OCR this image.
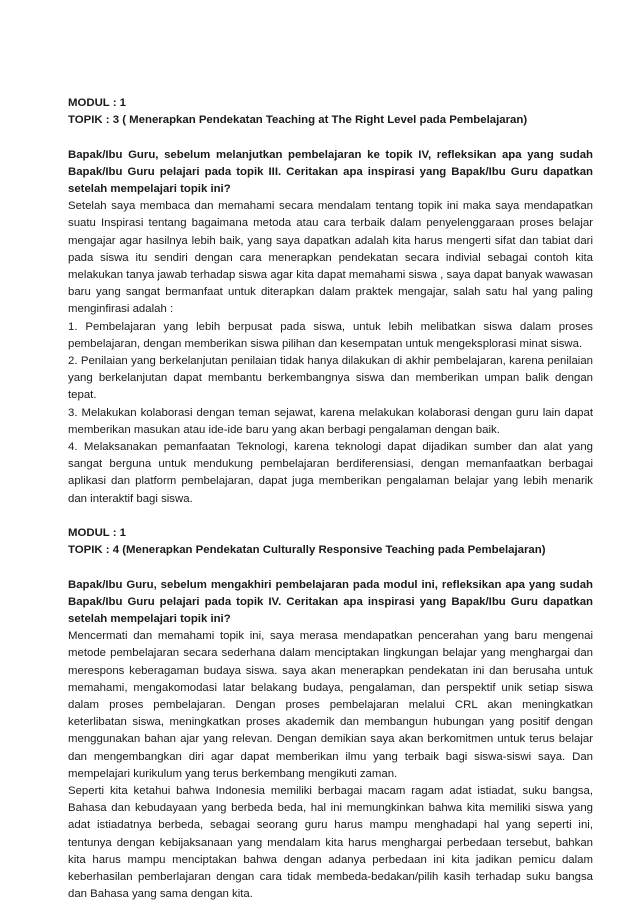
MODUL : 1

TOPIK : 3 ( Menerapkan Pendekatan Teaching at The Right Level pada Pembelajaran)

Bapak/Ibu Guru, sebelum melanjutkan pembelajaran ke topik IV, refleksikan apa yang sudah Bapak/Ibu Guru pelajari pada topik III. Ceritakan apa inspirasi yang Bapak/Ibu Guru dapatkan setelah mempelajari topik ini?

Setelah saya membaca dan memahami secara mendalam tentang topik ini maka saya mendapatkan suatu Inspirasi tentang bagaimana metoda atau cara terbaik dalam penyelenggaraan proses belajar mengajar agar hasilnya lebih baik, yang saya dapatkan adalah kita harus mengerti sifat dan tabiat dari pada siswa itu sendiri dengan cara menerapkan pendekatan secara indivial sebagai contoh kita melakukan tanya jawab terhadap siswa agar kita dapat memahami siswa , saya dapat banyak wawasan baru yang sangat bermanfaat untuk diterapkan dalam praktek mengajar, salah satu hal yang paling menginfirasi adalah :

1. Pembelajaran yang lebih berpusat pada siswa, untuk lebih melibatkan siswa dalam proses pembelajaran, dengan memberikan siswa pilihan dan kesempatan untuk mengeksplorasi minat siswa.

2. Penilaian yang berkelanjutan penilaian tidak hanya dilakukan di akhir pembelajaran, karena penilaian yang berkelanjutan dapat membantu berkembangnya siswa dan memberikan umpan balik dengan tepat.

3. Melakukan kolaborasi dengan teman sejawat, karena melakukan kolaborasi dengan guru lain dapat memberikan masukan atau ide-ide baru yang akan berbagi pengalaman dengan baik.

4. Melaksanakan pemanfaatan Teknologi, karena teknologi dapat dijadikan sumber dan alat yang sangat berguna untuk mendukung pembelajaran berdiferensiasi, dengan memanfaatkan berbagai aplikasi dan platform pembelajaran, dapat juga memberikan pengalaman belajar yang lebih menarik dan interaktif bagi siswa.

MODUL : 1

TOPIK : 4 (Menerapkan Pendekatan Culturally Responsive Teaching pada Pembelajaran)

Bapak/Ibu Guru, sebelum mengakhiri pembelajaran pada modul ini, refleksikan apa yang sudah Bapak/Ibu Guru pelajari pada topik IV. Ceritakan apa inspirasi yang Bapak/Ibu Guru dapatkan setelah mempelajari topik ini?

Mencermati dan memahami topik ini, saya merasa mendapatkan pencerahan yang baru mengenai metode pembelajaran secara sederhana dalam menciptakan lingkungan belajar yang menghargai dan merespons keberagaman budaya siswa. saya akan menerapkan pendekatan ini dan berusaha untuk memahami, mengakomodasi latar belakang budaya, pengalaman, dan perspektif unik setiap siswa dalam proses pembelajaran. Dengan proses pembelajaran melalui CRL akan meningkatkan keterlibatan siswa, meningkatkan proses akademik dan membangun hubungan yang positif dengan menggunakan bahan ajar yang relevan. Dengan demikian saya akan berkomitmen untuk terus belajar dan mengembangkan diri agar dapat memberikan ilmu yang terbaik bagi siswa-siswi saya. Dan mempelajari kurikulum yang terus berkembang mengikuti zaman.

Seperti kita ketahui bahwa Indonesia memiliki berbagai macam ragam adat istiadat, suku bangsa, Bahasa dan kebudayaan yang berbeda beda, hal ini memungkinkan bahwa kita memiliki siswa yang adat istiadatnya berbeda, sebagai seorang guru harus mampu menghadapi hal yang seperti ini, tentunya dengan kebijaksanaan yang mendalam kita harus menghargai perbedaan tersebut, bahkan kita harus mampu menciptakan bahwa dengan adanya perbedaan ini kita jadikan pemicu dalam keberhasilan pemberlajaran dengan cara tidak membeda-bedakan/pilih kasih terhadap suku bangsa dan Bahasa yang sama dengan kita.
